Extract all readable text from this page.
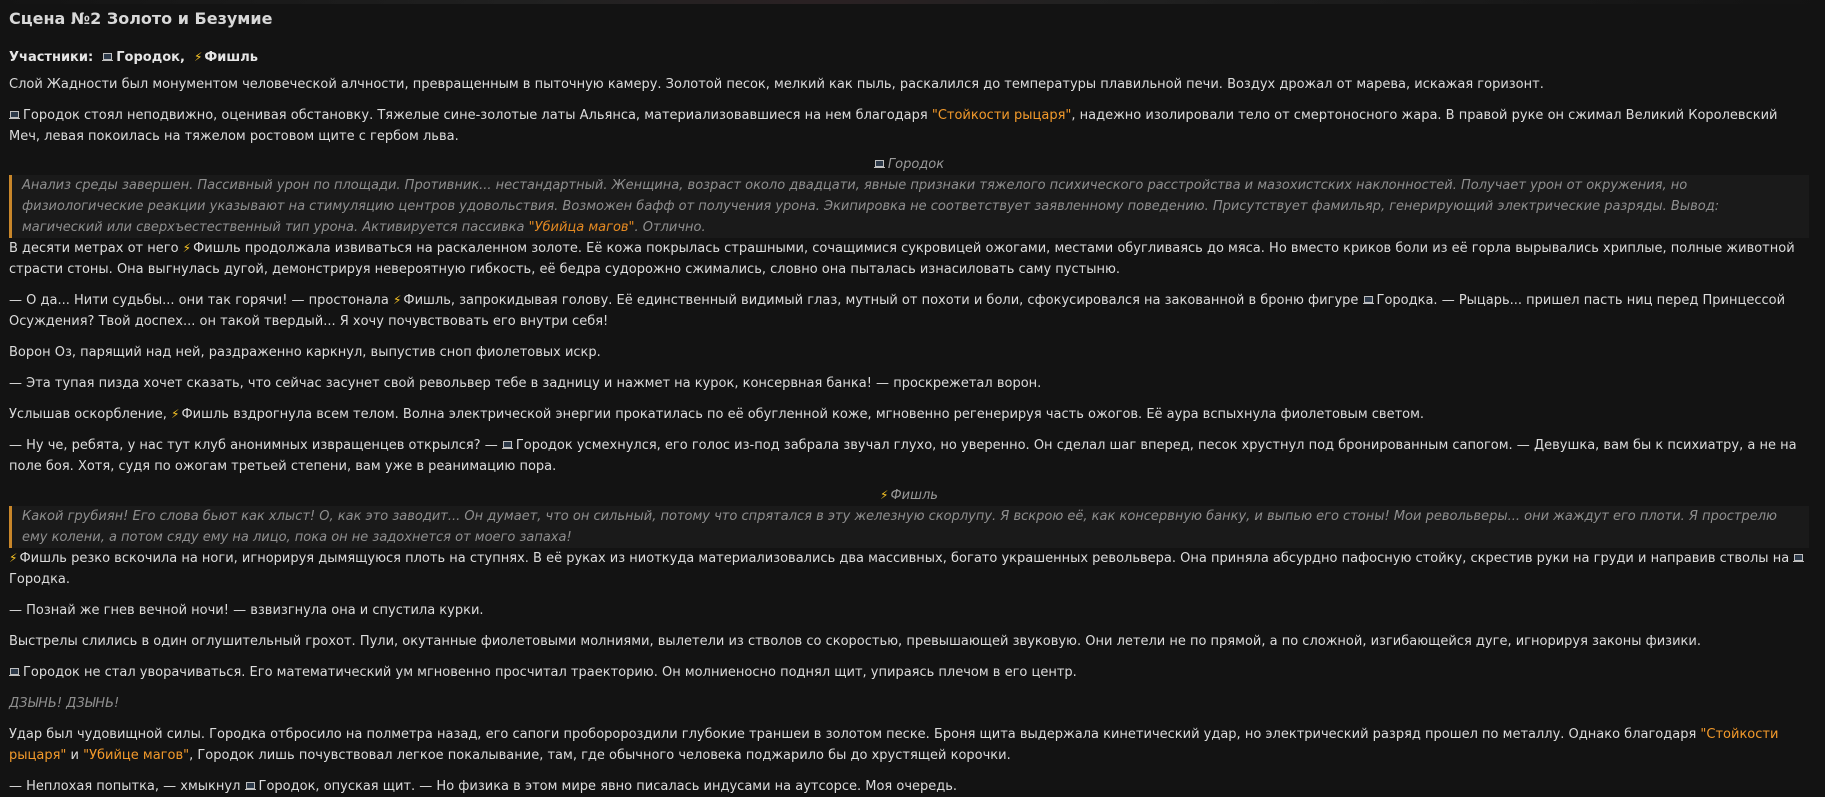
Сцена №2 Золото и Безумие
Участники: Городок, ⚡ Фишль

Слой Жадности был монументом человеческой алчности, превращенным в пыточную камеру. Золотой песок, мелкий как пыль, раскалился до температуры плавильной печи. Воздух дрожал от марева, искажая горизонт.

Городок стоял неподвижно, оценивая обстановку. Тяжелые сине-золотые латы Альянса, материализовавшиеся на нем благодаря "Стойкости рыцаря", надежно изолировали тело от смертоносного жара. В правой руке он сжимал Великий Королевский Меч, левая покоилась на тяжелом ростовом щите с гербом льва.

Городок
Анализ среды завершен. Пассивный урон по площади. Противник... нестандартный. Женщина, возраст около двадцати, явные признаки тяжелого психического расстройства и мазохистских наклонностей. Получает урон от окружения, но физиологические реакции указывают на стимуляцию центров удовольствия. Возможен бафф от получения урона. Экипировка не соответствует заявленному поведению. Присутствует фамильяр, генерирующий электрические разряды. Вывод: магический или сверхъестественный тип урона. Активируется пассивка "Убийца магов". Отлично.

В десяти метрах от него ⚡ Фишль продолжала извиваться на раскаленном золоте. Её кожа покрылась страшными, сочащимися сукровицей ожогами, местами обугливаясь до мяса. Но вместо криков боли из её горла вырывались хриплые, полные животной страсти стоны. Она выгнулась дугой, демонстрируя невероятную гибкость, её бедра судорожно сжимались, словно она пыталась изнасиловать саму пустыню.

— О да... Нити судьбы... они так горячи! — простонала ⚡ Фишль, запрокидывая голову. Её единственный видимый глаз, мутный от похоти и боли, сфокусировался на закованной в броню фигуре Городка. — Рыцарь... пришел пасть ниц перед Принцессой Осуждения? Твой доспех... он такой твердый... Я хочу почувствовать его внутри себя!

Ворон Оз, парящий над ней, раздраженно каркнул, выпустив сноп фиолетовых искр.

— Эта тупая пизда хочет сказать, что сейчас засунет свой револьвер тебе в задницу и нажмет на курок, консервная банка! — проскрежетал ворон.

Услышав оскорбление, ⚡ Фишль вздрогнула всем телом. Волна электрической энергии прокатилась по её обугленной коже, мгновенно регенерируя часть ожогов. Её аура вспыхнула фиолетовым светом.

— Ну че, ребята, у нас тут клуб анонимных извращенцев открылся? — Городок усмехнулся, его голос из-под забрала звучал глухо, но уверенно. Он сделал шаг вперед, песок хрустнул под бронированным сапогом. — Девушка, вам бы к психиатру, а не на поле боя. Хотя, судя по ожогам третьей степени, вам уже в реанимацию пора.

⚡ Фишль
Какой грубиян! Его слова бьют как хлыст! О, как это заводит... Он думает, что он сильный, потому что спрятался в эту железную скорлупу. Я вскрою её, как консервную банку, и выпью его стоны! Мои револьверы... они жаждут его плоти. Я прострелю ему колени, а потом сяду ему на лицо, пока он не задохнется от моего запаха!

⚡ Фишль резко вскочила на ноги, игнорируя дымящуюся плоть на ступнях. В её руках из ниоткуда материализовались два массивных, богато украшенных револьвера. Она приняла абсурдно пафосную стойку, скрестив руки на груди и направив стволы на Городка.

— Познай же гнев вечной ночи! — взвизгнула она и спустила курки.

Выстрелы слились в один оглушительный грохот. Пули, окутанные фиолетовыми молниями, вылетели из стволов со скоростью, превышающей звуковую. Они летели не по прямой, а по сложной, изгибающейся дуге, игнорируя законы физики.

Городок не стал уворачиваться. Его математический ум мгновенно просчитал траекторию. Он молниеносно поднял щит, упираясь плечом в его центр.

ДЗЫНЬ! ДЗЫНЬ!

Удар был чудовищной силы. Городка отбросило на полметра назад, его сапоги проборороздили глубокие траншеи в золотом песке. Броня щита выдержала кинетический удар, но электрический разряд прошел по металлу. Однако благодаря "Стойкости рыцаря" и "Убийце магов", Городок лишь почувствовал легкое покалывание, там, где обычного человека поджарило бы до хрустящей корочки.

— Неплохая попытка, — хмыкнул Городок, опуская щит. — Но физика в этом мире явно писалась индусами на аутсорсе. Моя очередь.
